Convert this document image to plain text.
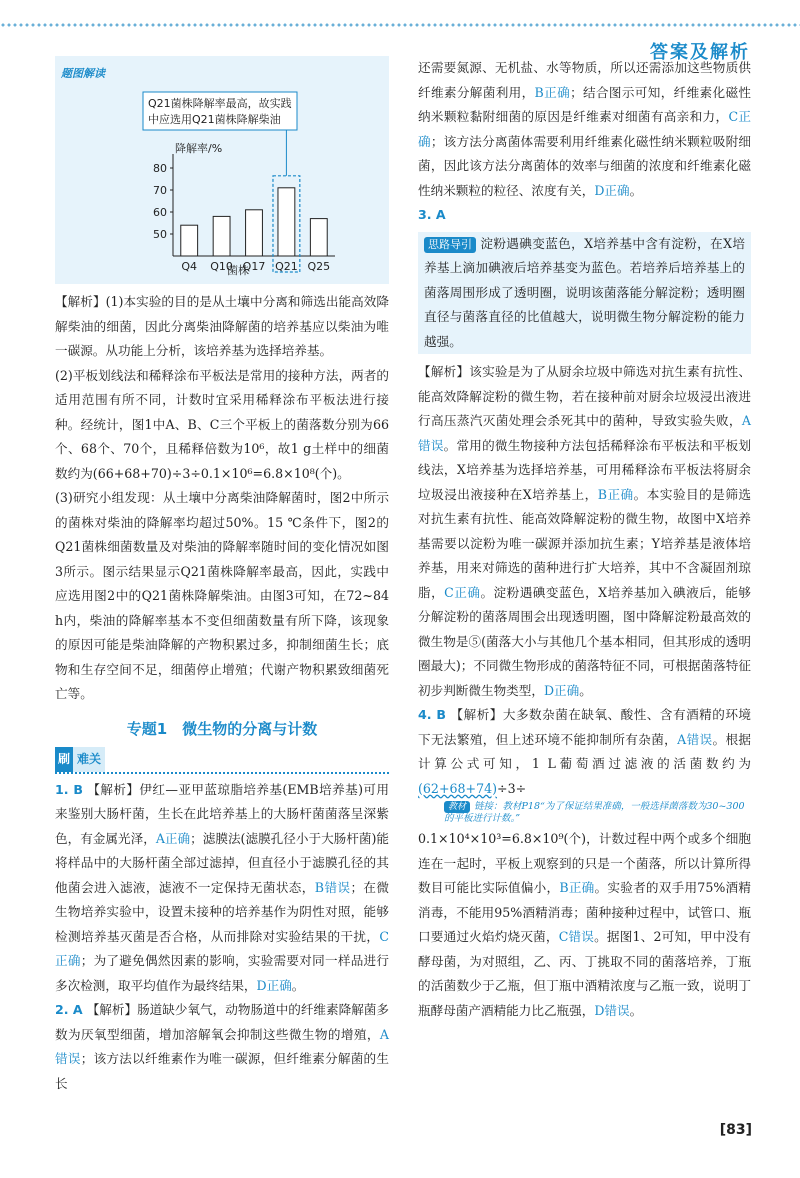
答案及解析
题图解读
Q21菌株降解率最高，故实践
中应选用Q21菌株降解柴油
降解率/%
菌株
50
60
70
80
Q4 Q10 Q17 Q21 Q25

【解析】(1)本实验的目的是从土壤中分离和筛选出能高效降解柴油的细菌，因此分离柴油降解菌的培养基应以柴油为唯一碳源。从功能上分析，该培养基为选择培养基。

(2)平板划线法和稀释涂布平板法是常用的接种方法，两者的适用范围有所不同，计数时宜采用稀释涂布平板法进行接种。经统计，图1中A、B、C三个平板上的菌落数分别为66个、68个、70个，且稀释倍数为10⁶，故1 g土样中的细菌数约为(66+68+70)÷3÷0.1×10⁶=6.8×10⁸(个)。

(3)研究小组发现：从土壤中分离柴油降解菌时，图2中所示的菌株对柴油的降解率均超过50%。15 ℃条件下，图2的Q21菌株细菌数量及对柴油的降解率随时间的变化情况如图3所示。图示结果显示Q21菌株降解率最高，因此，实践中应选用图2中的Q21菌株降解柴油。由图3可知，在72~84 h内，柴油的降解率基本不变但细菌数量有所下降，该现象的原因可能是柴油降解的产物积累过多，抑制细菌生长；底物和生存空间不足，细菌停止增殖；代谢产物积累致细菌死亡等。

专题1　微生物的分离与计数
刷 难关

1. B 【解析】伊红—亚甲蓝琼脂培养基(EMB培养基)可用来鉴别大肠杆菌，生长在此培养基上的大肠杆菌菌落呈深紫色，有金属光泽，A正确；滤膜法(滤膜孔径小于大肠杆菌)能将样品中的大肠杆菌全部过滤掉，但直径小于滤膜孔径的其他菌会进入滤液，滤液不一定保持无菌状态，B错误；在微生物培养实验中，设置未接种的培养基作为阴性对照，能够检测培养基灭菌是否合格，从而排除对实验结果的干扰，C正确；为了避免偶然因素的影响，实验需要对同一样品进行多次检测，取平均值作为最终结果，D正确。

2. A 【解析】肠道缺少氧气，动物肠道中的纤维素降解菌多数为厌氧型细菌，增加溶解氧会抑制这些微生物的增殖，A错误；该方法以纤维素作为唯一碳源，但纤维素分解菌的生长

还需要氮源、无机盐、水等物质，所以还需添加这些物质供纤维素分解菌利用，B正确；结合图示可知，纤维素化磁性纳米颗粒黏附细菌的原因是纤维素对细菌有高亲和力，C正确；该方法分离菌体需要利用纤维素化磁性纳米颗粒吸附细菌，因此该方法分离菌体的效率与细菌的浓度和纤维素化磁性纳米颗粒的粒径、浓度有关，D正确。

3. A

思路导引 淀粉遇碘变蓝色，X培养基中含有淀粉，在X培养基上滴加碘液后培养基变为蓝色。若培养后培养基上的菌落周围形成了透明圈，说明该菌落能分解淀粉；透明圈直径与菌落直径的比值越大，说明微生物分解淀粉的能力越强。

【解析】该实验是为了从厨余垃圾中筛选对抗生素有抗性、能高效降解淀粉的微生物，若在接种前对厨余垃圾浸出液进行高压蒸汽灭菌处理会杀死其中的菌种，导致实验失败，A错误。常用的微生物接种方法包括稀释涂布平板法和平板划线法，X培养基为选择培养基，可用稀释涂布平板法将厨余垃圾浸出液接种在X培养基上，B正确。本实验目的是筛选对抗生素有抗性、能高效降解淀粉的微生物，故图中X培养基需要以淀粉为唯一碳源并添加抗生素；Y培养基是液体培养基，用来对筛选的菌种进行扩大培养，其中不含凝固剂琼脂，C正确。淀粉遇碘变蓝色，X培养基加入碘液后，能够分解淀粉的菌落周围会出现透明圈，图中降解淀粉最高效的微生物是⑤(菌落大小与其他几个基本相同，但其形成的透明圈最大)；不同微生物形成的菌落特征不同，可根据菌落特征初步判断微生物类型，D正确。

4. B 【解析】大多数杂菌在缺氧、酸性、含有酒精的环境下无法繁殖，但上述环境不能抑制所有杂菌，A错误。根据计算公式可知，1 L葡萄酒过滤液的活菌数约为(62+68+74)÷3÷

教材 链接：教材P18“为了保证结果准确，一般选择菌落数为30~300的平板进行计数。”

0.1×10⁴×10³=6.8×10⁹(个)，计数过程中两个或多个细胞连在一起时，平板上观察到的只是一个菌落，所以计算所得数目可能比实际值偏小，B正确。实验者的双手用75%酒精消毒，不能用95%酒精消毒；菌种接种过程中，试管口、瓶口要通过火焰灼烧灭菌，C错误。据图1、2可知，甲中没有酵母菌，为对照组，乙、丙、丁挑取不同的菌落培养，丁瓶的活菌数少于乙瓶，但丁瓶中酒精浓度与乙瓶一致，说明丁瓶酵母菌产酒精能力比乙瓶强，D错误。

[83]
